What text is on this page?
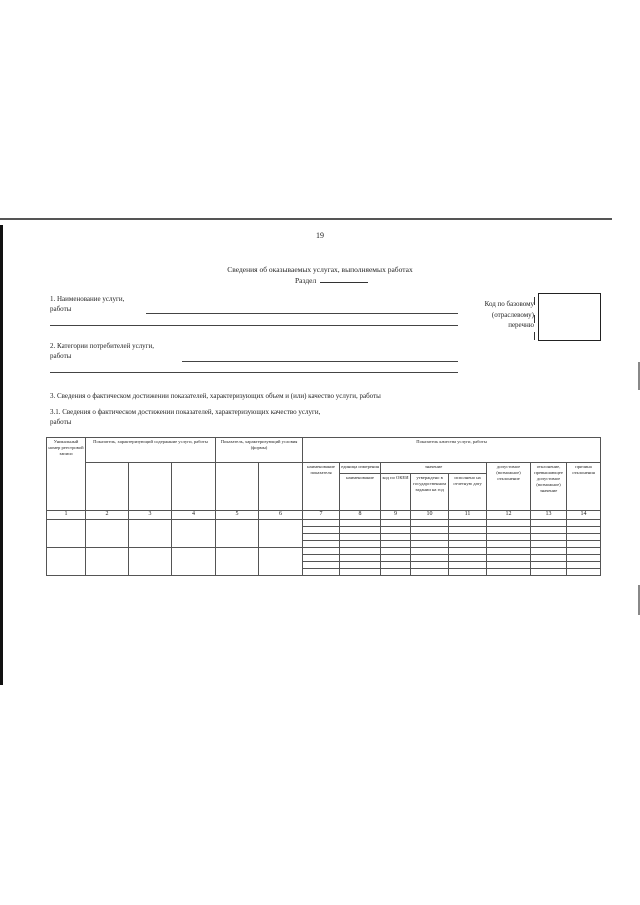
19
Сведения об оказываемых услугах, выполняемых работах
Раздел
1. Наименование услуги,
работы
Код по базовому
(отраслевому)
перечню
2. Категории потребителей услуги,
работы
3. Сведения о фактическом достижении показателей, характеризующих объем и (или) качество услуги, работы
3.1. Сведения о фактическом достижении показателей, характеризующих качество услуги,
работы
Уникальный номер реестровой записи	Показатель, характеризующий содержание услуги, работы			Показатель, характеризующий условия (формы)		Показатель качества услуги, работы							
						наименование показателя	единица измерения	значение			допустимое (возможное) отклонение	отклонение, превышающее допустимое (возможное) значение	причина отклонения
							наименование	код по ОКЕИ	утверждено в государственном задании на год	исполнено на отчетную дату			
1	2	3	4	5	6	7	8	9	10	11	12	13	14
